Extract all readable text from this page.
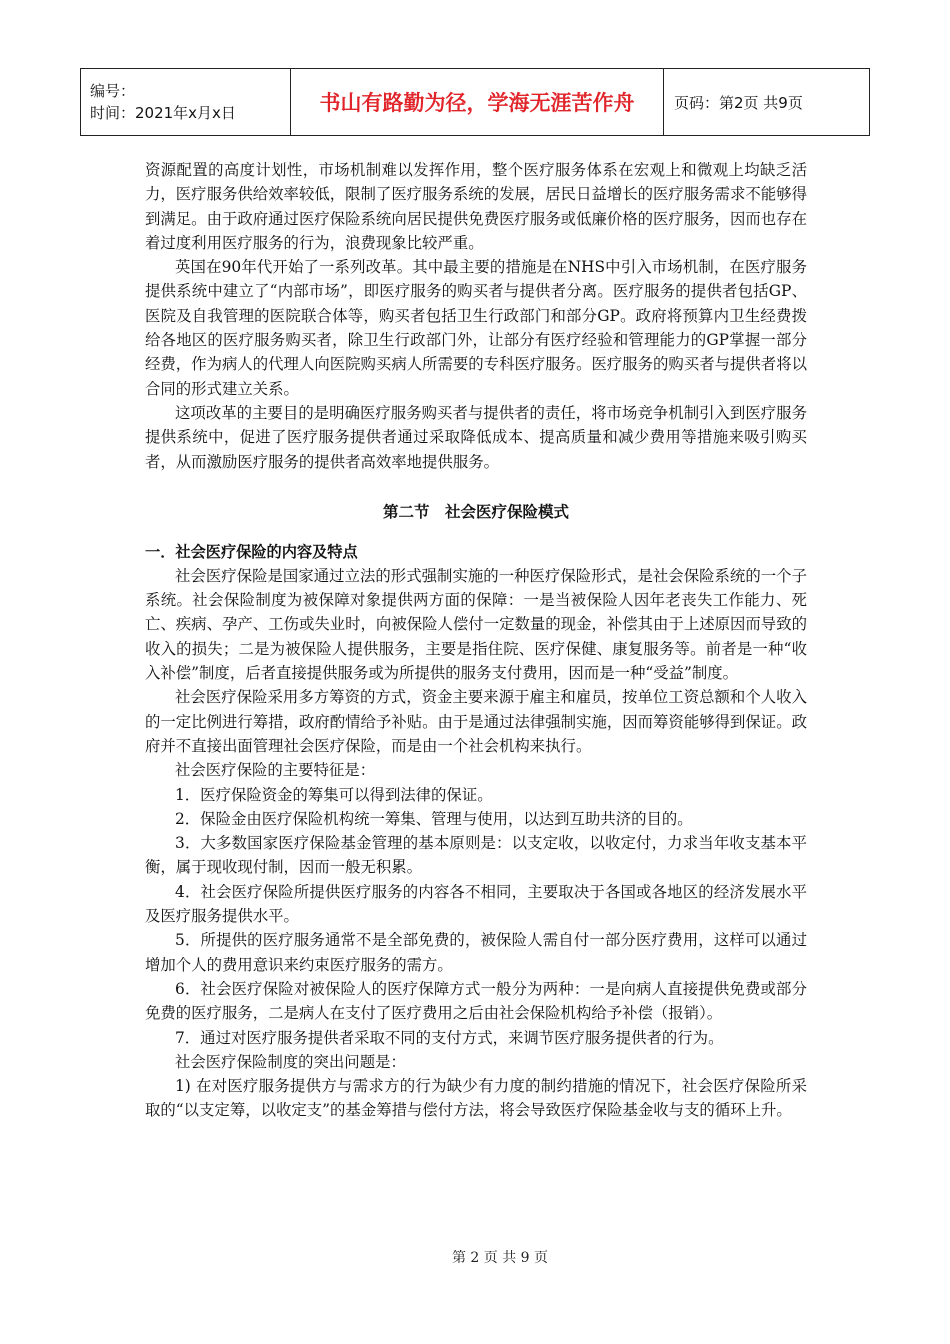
编号：
时间：2021年x月x日	书山有路勤为径，学海无涯苦作舟	页码：第2页 共9页

资源配置的高度计划性，市场机制难以发挥作用，整个医疗服务体系在宏观上和微观上均缺乏活力，医疗服务供给效率较低，限制了医疗服务系统的发展，居民日益增长的医疗服务需求不能够得到满足。由于政府通过医疗保险系统向居民提供免费医疗服务或低廉价格的医疗服务，因而也存在着过度利用医疗服务的行为，浪费现象比较严重。

英国在90年代开始了一系列改革。其中最主要的措施是在NHS中引入市场机制，在医疗服务提供系统中建立了“内部市场”，即医疗服务的购买者与提供者分离。医疗服务的提供者包括GP、医院及自我管理的医院联合体等，购买者包括卫生行政部门和部分GP。政府将预算内卫生经费拨给各地区的医疗服务购买者，除卫生行政部门外，让部分有医疗经验和管理能力的GP掌握一部分经费，作为病人的代理人向医院购买病人所需要的专科医疗服务。医疗服务的购买者与提供者将以合同的形式建立关系。

这项改革的主要目的是明确医疗服务购买者与提供者的责任，将市场竞争机制引入到医疗服务提供系统中，促进了医疗服务提供者通过采取降低成本、提高质量和减少费用等措施来吸引购买者，从而激励医疗服务的提供者高效率地提供服务。

第二节　社会医疗保险模式
一．社会医疗保险的内容及特点

社会医疗保险是国家通过立法的形式强制实施的一种医疗保险形式，是社会保险系统的一个子系统。社会保险制度为被保障对象提供两方面的保障：一是当被保险人因年老丧失工作能力、死亡、疾病、孕产、工伤或失业时，向被保险人偿付一定数量的现金，补偿其由于上述原因而导致的收入的损失；二是为被保险人提供服务，主要是指住院、医疗保健、康复服务等。前者是一种“收入补偿”制度，后者直接提供服务或为所提供的服务支付费用，因而是一种“受益”制度。

社会医疗保险采用多方筹资的方式，资金主要来源于雇主和雇员，按单位工资总额和个人收入的一定比例进行筹措，政府酌情给予补贴。由于是通过法律强制实施，因而筹资能够得到保证。政府并不直接出面管理社会医疗保险，而是由一个社会机构来执行。

社会医疗保险的主要特征是：

1．医疗保险资金的筹集可以得到法律的保证。

2．保险金由医疗保险机构统一筹集、管理与使用，以达到互助共济的目的。

3．大多数国家医疗保险基金管理的基本原则是：以支定收，以收定付，力求当年收支基本平衡，属于现收现付制，因而一般无积累。

4．社会医疗保险所提供医疗服务的内容各不相同，主要取决于各国或各地区的经济发展水平及医疗服务提供水平。

5．所提供的医疗服务通常不是全部免费的，被保险人需自付一部分医疗费用，这样可以通过增加个人的费用意识来约束医疗服务的需方。

6．社会医疗保险对被保险人的医疗保障方式一般分为两种：一是向病人直接提供免费或部分免费的医疗服务，二是病人在支付了医疗费用之后由社会保险机构给予补偿（报销）。

7．通过对医疗服务提供者采取不同的支付方式，来调节医疗服务提供者的行为。

社会医疗保险制度的突出问题是：

1) 在对医疗服务提供方与需求方的行为缺少有力度的制约措施的情况下，社会医疗保险所采取的“以支定筹，以收定支”的基金筹措与偿付方法，将会导致医疗保险基金收与支的循环上升。

第 2 页 共 9 页
